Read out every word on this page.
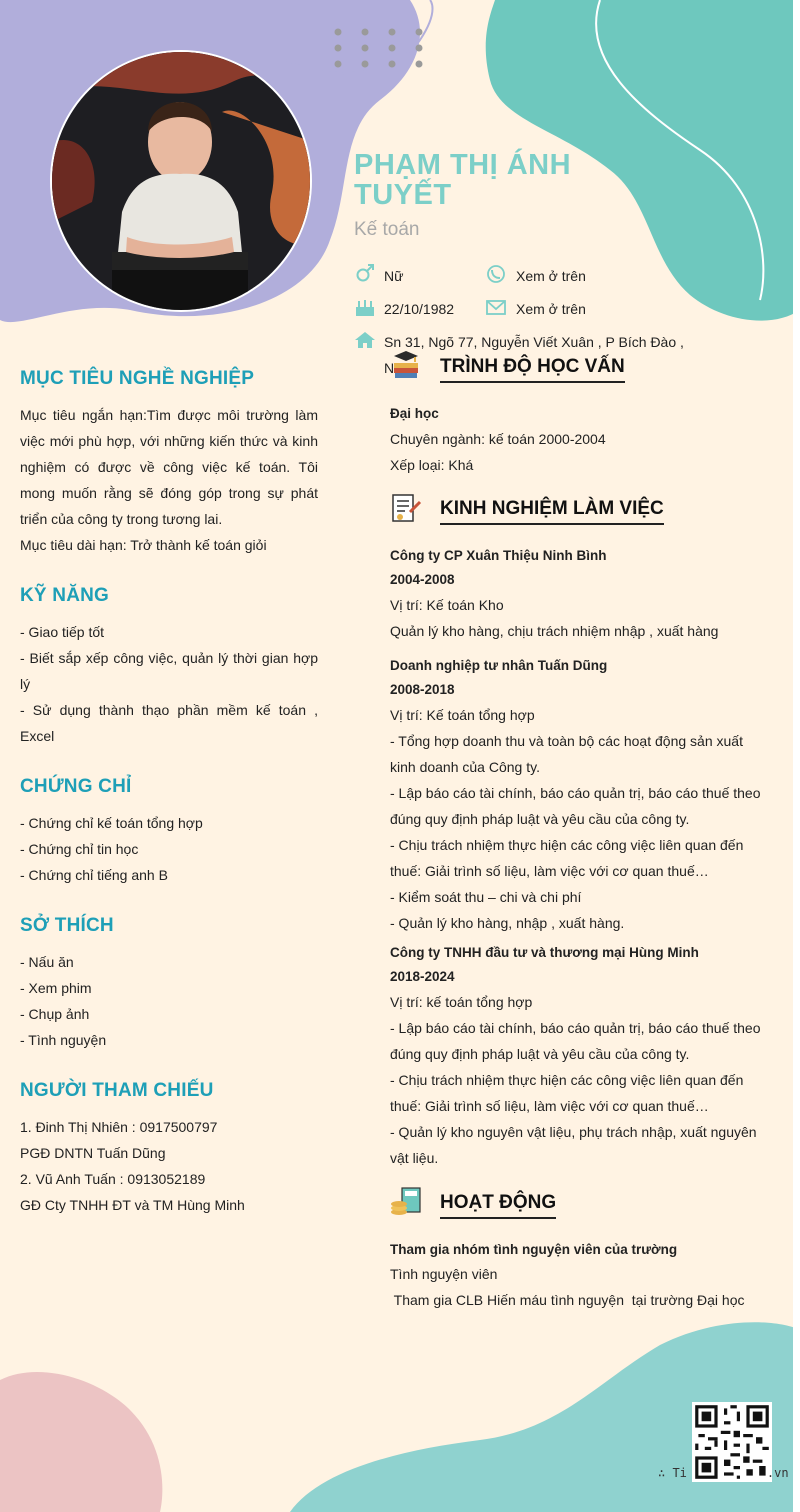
PHẠM THỊ ÁNH TUYẾT
Kế toán
Nữ	Xem ở trên
22/10/1982	Xem ở trên
Sn 31, Ngõ 77, Nguyễn Viết Xuân , P Bích Đào ,
N
MỤC TIÊU NGHỀ NGHIỆP
Mục tiêu ngắn hạn:Tìm được môi trường làm việc mới phù hợp, với những kiến thức và kinh nghiệm có được về công việc kế toán. Tôi mong muốn rằng sẽ đóng góp trong sự phát triển của công ty trong tương lai.
Mục tiêu dài hạn: Trở thành kế toán giỏi
KỸ NĂNG
- Giao tiếp tốt
- Biết sắp xếp công việc, quản lý thời gian hợp lý
- Sử dụng thành thạo phần mềm kế toán , Excel
CHỨNG CHỈ
- Chứng chỉ kế toán tổng hợp
- Chứng chỉ tin học
- Chứng chỉ tiếng anh B
SỞ THÍCH
- Nấu ăn
- Xem phim
- Chụp ảnh
- Tình nguyện
NGƯỜI THAM CHIẾU
1. Đinh Thị Nhiên : 0917500797
PGĐ DNTN Tuấn Dũng
2. Vũ Anh Tuấn : 0913052189
GĐ Cty TNHH ĐT và TM Hùng Minh
TRÌNH ĐỘ HỌC VẤN
Đại học
Chuyên ngành: kế toán 2000-2004
Xếp loại: Khá
KINH NGHIỆM LÀM VIỆC
Công ty CP Xuân Thiệu Ninh Bình
2004-2008
Vị trí: Kế toán Kho
Quản lý kho hàng, chịu trách nhiệm nhập , xuất hàng
Doanh nghiệp tư nhân Tuấn Dũng
2008-2018
Vị trí: Kế toán tổng hợp
- Tổng hợp doanh thu và toàn bộ các hoạt động sản xuất kinh doanh của Công ty.
- Lập báo cáo tài chính, báo cáo quản trị, báo cáo thuế theo đúng quy định pháp luật và yêu cầu của công ty.
- Chịu trách nhiệm thực hiện các công việc liên quan đến thuế: Giải trình số liệu, làm việc với cơ quan thuế…
- Kiểm soát thu – chi và chi phí
- Quản lý kho hàng, nhập , xuất hàng.
Công ty TNHH đầu tư và thương mại Hùng Minh
2018-2024
Vị trí: kế toán tổng hợp
- Lập báo cáo tài chính, báo cáo quản trị, báo cáo thuế theo đúng quy định pháp luật và yêu cầu của công ty.
- Chịu trách nhiệm thực hiện các công việc liên quan đến thuế: Giải trình số liệu, làm việc với cơ quan thuế…
- Quản lý kho nguyên vật liệu, phụ trách nhập, xuất nguyên vật liệu.
HOẠT ĐỘNG
Tham gia nhóm tình nguyện viên của trường
Tình nguyện viên
Tham gia CLB Hiến máu tình nguyện  tại trường Đại học
∴ Ti	.vn
